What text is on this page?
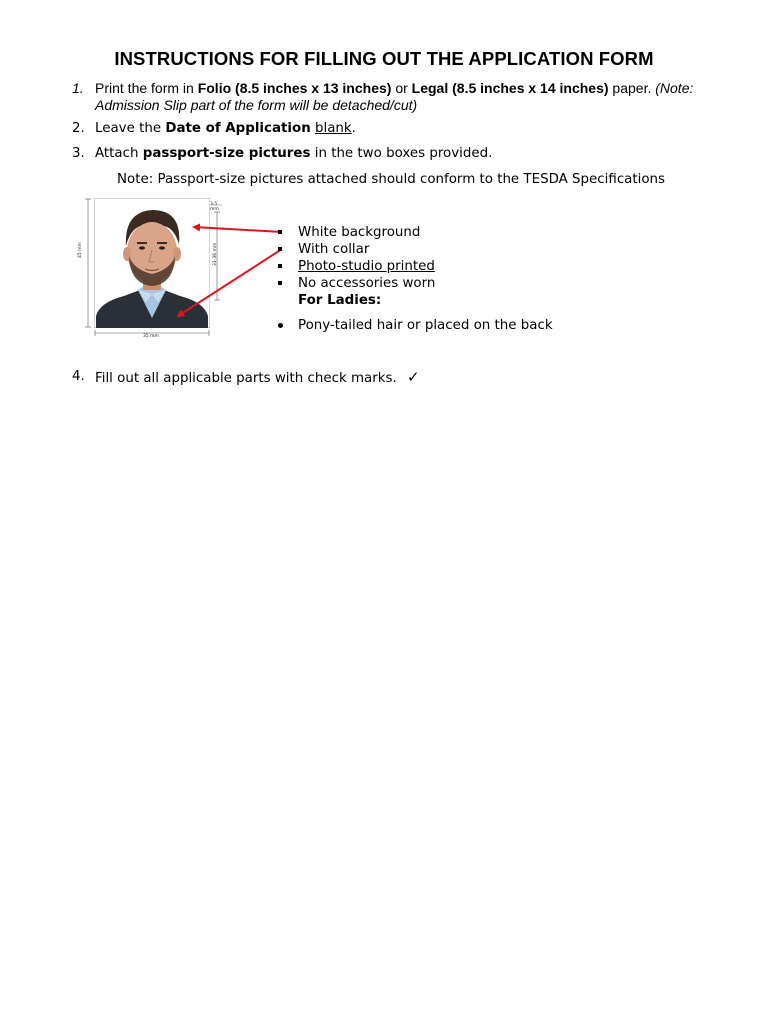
INSTRUCTIONS FOR FILLING OUT THE APPLICATION FORM
1. Print the form in Folio (8.5 inches x 13 inches) or Legal (8.5 inches x 14 inches) paper. (Note: Admission Slip part of the form will be detached/cut)
2. Leave the Date of Application blank.
3. Attach passport-size pictures in the two boxes provided.
Note: Passport-size pictures attached should conform to the TESDA Specifications
3-5 mm
45 mm
35 mm
31-36 mm
White background
With collar
Photo-studio printed
No accessories worn
For Ladies:
Pony-tailed hair or placed on the back
4. Fill out all applicable parts with check marks. ✓
